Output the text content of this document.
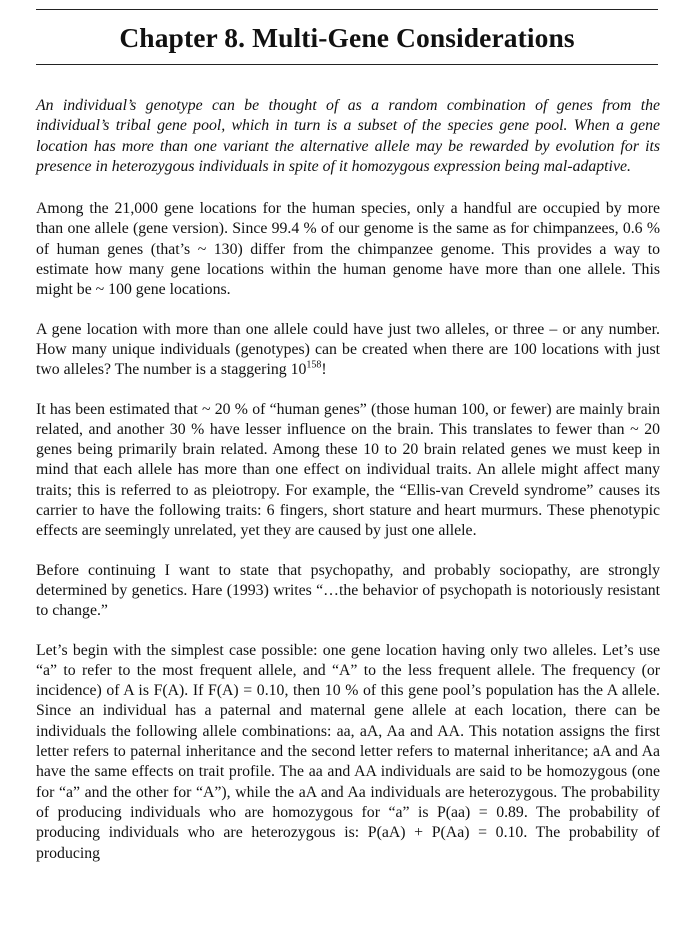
Chapter 8. Multi-Gene Considerations

An individual’s genotype can be thought of as a random combination of genes from the individual’s tribal gene pool, which in turn is a subset of the species gene pool. When a gene location has more than one variant the alternative allele may be rewarded by evolution for its presence in heterozygous individuals in spite of it homozygous expression being mal-adaptive.

Among the 21,000 gene locations for the human species, only a handful are occupied by more than one allele (gene version). Since 99.4 % of our genome is the same as for chimpanzees, 0.6 % of human genes (that’s ~ 130) differ from the chimpanzee genome. This provides a way to estimate how many gene locations within the human genome have more than one allele. This might be ~ 100 gene locations.

A gene location with more than one allele could have just two alleles, or three – or any number. How many unique individuals (genotypes) can be created when there are 100 locations with just two alleles? The number is a staggering $10^{158}$!

It has been estimated that ~ 20 % of “human genes” (those human 100, or fewer) are mainly brain related, and another 30 % have lesser influence on the brain. This translates to fewer than ~ 20 genes being primarily brain related. Among these 10 to 20 brain related genes we must keep in mind that each allele has more than one effect on individual traits. An allele might affect many traits; this is referred to as pleiotropy. For example, the “Ellis-van Creveld syndrome” causes its carrier to have the following traits: 6 fingers, short stature and heart murmurs. These phenotypic effects are seemingly unrelated, yet they are caused by just one allele.

Before continuing I want to state that psychopathy, and probably sociopathy, are strongly determined by genetics. Hare (1993) writes “…the behavior of psychopath is notoriously resistant to change.”

Let’s begin with the simplest case possible: one gene location having only two alleles. Let’s use “a” to refer to the most frequent allele, and “A” to the less frequent allele. The frequency (or incidence) of A is F(A). If F(A) = 0.10, then 10 % of this gene pool’s population has the A allele. Since an individual has a paternal and maternal gene allele at each location, there can be individuals the following allele combinations: aa, aA, Aa and AA. This notation assigns the first letter refers to paternal inheritance and the second letter refers to maternal inheritance; aA and Aa have the same effects on trait profile. The aa and AA individuals are said to be homozygous (one for “a” and the other for “A”), while the aA and Aa individuals are heterozygous. The probability of producing individuals who are homozygous for “a” is P(aa) = 0.89. The probability of producing individuals who are heterozygous is: P(aA) + P(Aa) = 0.10. The probability of producing
